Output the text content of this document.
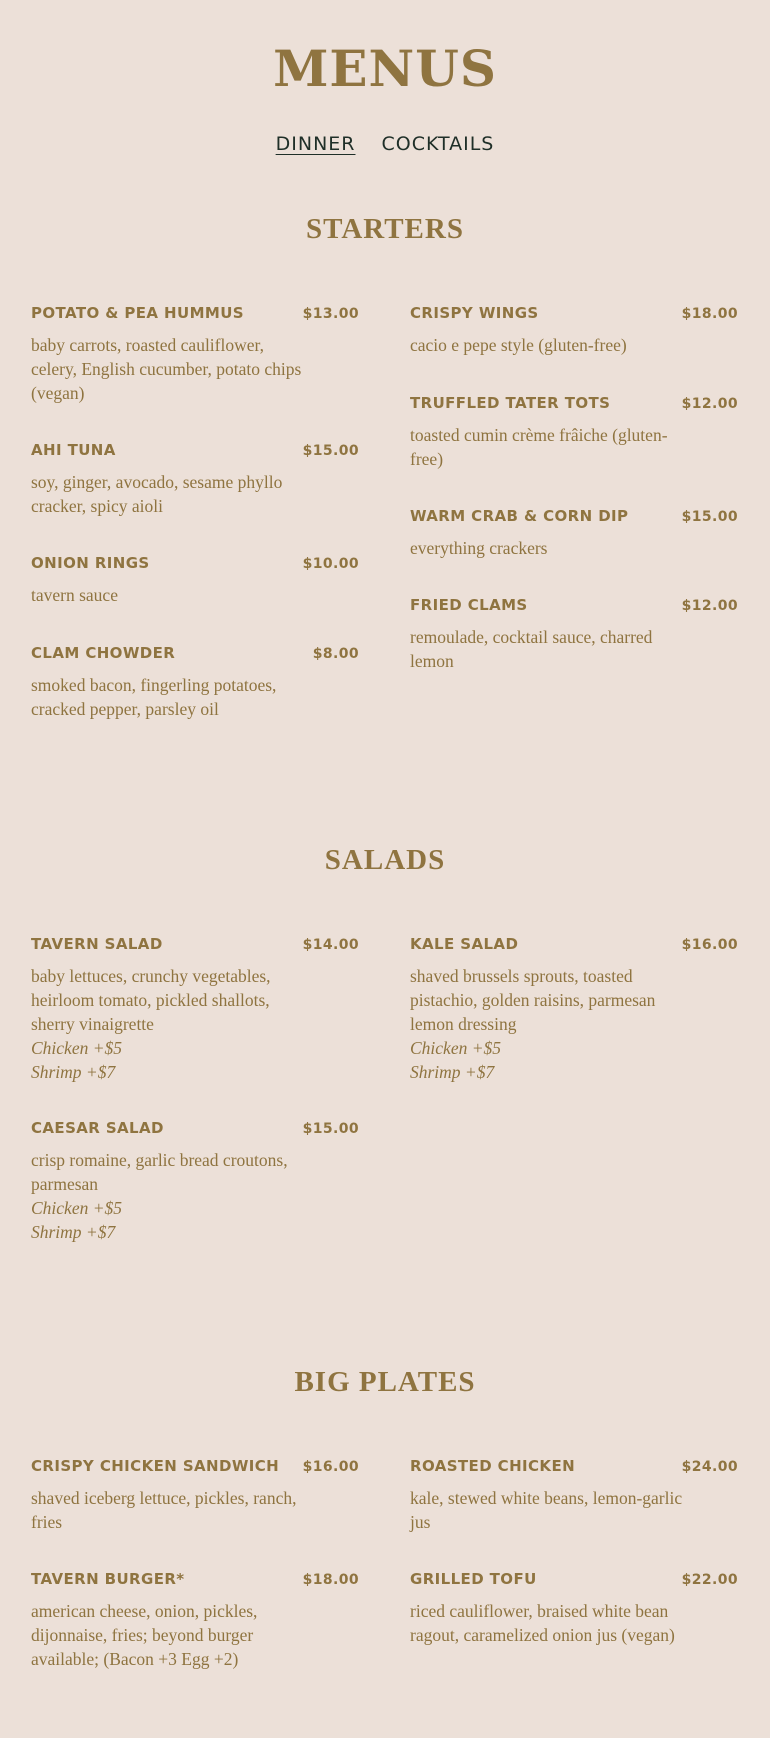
MENUS
DINNER COCKTAILS
STARTERS
POTATO & PEA HUMMUS	$13.00
baby carrots, roasted cauliflower, celery, English cucumber, potato chips (vegan)
CRISPY WINGS	$18.00
cacio e pepe style (gluten-free)
AHI TUNA	$15.00
soy, ginger, avocado, sesame phyllo cracker, spicy aioli
TRUFFLED TATER TOTS	$12.00
toasted cumin crème frâiche (gluten-free)
ONION RINGS	$10.00
tavern sauce
WARM CRAB & CORN DIP	$15.00
everything crackers
CLAM CHOWDER	$8.00
smoked bacon, fingerling potatoes, cracked pepper, parsley oil
FRIED CLAMS	$12.00
remoulade, cocktail sauce, charred lemon
SALADS
TAVERN SALAD	$14.00
baby lettuces, crunchy vegetables, heirloom tomato, pickled shallots, sherry vinaigrette
Chicken +$5
Shrimp +$7
KALE SALAD	$16.00
shaved brussels sprouts, toasted pistachio, golden raisins, parmesan lemon dressing
Chicken +$5
Shrimp +$7
CAESAR SALAD	$15.00
crisp romaine, garlic bread croutons, parmesan
Chicken +$5
Shrimp +$7
BIG PLATES
CRISPY CHICKEN SANDWICH $16.00
shaved iceberg lettuce, pickles, ranch, fries
ROASTED CHICKEN	$24.00
kale, stewed white beans, lemon-garlic jus
TAVERN BURGER*	$18.00
american cheese, onion, pickles, dijonnaise, fries; beyond burger available; (Bacon +3 Egg +2)
GRILLED TOFU	$22.00
riced cauliflower, braised white bean ragout, caramelized onion jus (vegan)
